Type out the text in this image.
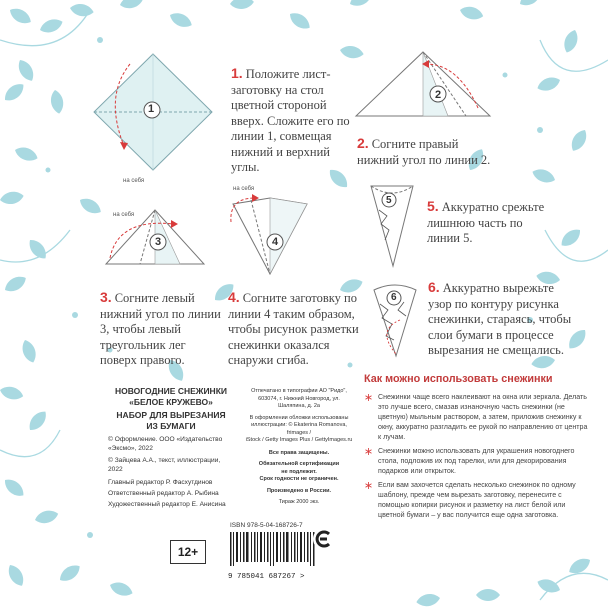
на себя
1
1. Положите лист-заготовку на стол цветной стороной вверх. Сложите его по линии 1, совмещая нижний и верхний углы.
2
2. Согните правый нижний угол по линии 2.
на себя
3
на себя
4
3. Согните левый нижний угол по линии 3, чтобы левый треугольник лег поверх правого.
4. Согните заготовку по линии 4 таким образом, чтобы рисунок разметки снежинки оказался снаружи сгиба.
5	5. Аккуратно срежьте лишнюю часть по линии 5.
6
6. Аккуратно вырежьте узор по контуру рисунка снежинки, стараясь, чтобы слои бумаги в процессе вырезания не смещались.
НОВОГОДНИЕ СНЕЖИНКИ
«БЕЛОЕ КРУЖЕВО»
НАБОР ДЛЯ ВЫРЕЗАНИЯ
ИЗ БУМАГИ
© Оформление. ООО «Издательство «Эксмо», 2022
© Зайцева А.А., текст, иллюстрации, 2022
Главный редактор Р. Фасхутдинов
Ответственный редактор А. Рыбина
Художественный редактор Е. Анисина
Отпечатано в типографии АО "Ридо",
603074, г. Нижний Новгород, ул.
Шаляпина, д. 2а
В оформлении обложки использованы
иллюстрации: © Ekaterina Romanova, frimages /
iStock / Getty Images Plus / GettyImages.ru
Все права защищены.
Обязательной сертификации
не подлежит.
Срок годности не ограничен.
Произведено в России.
Тираж 2000 экз.
ISBN 978-5-04-168726-7
9 785041 687267 >
12+
Как можно использовать снежинки
Снежинки чаще всего наклеивают на окна или зеркала. Делать это лучше всего, смазав изнаночную часть снежинки (не цветную) мыльным раствором, а затем, приложив снежинку к окну, аккуратно разгладить ее рукой по направлению от центра к лучам.
Снежинки можно использовать для украшения новогоднего стола, подложив их под тарелки, или для декорирования подарков или открыток.
Если вам захочется сделать несколько снежинок по одному шаблону, прежде чем вырезать заготовку, перенесите с помощью копирки рисунок и разметку на лист белой или цветной бумаги – у вас получится еще одна заготовка.
